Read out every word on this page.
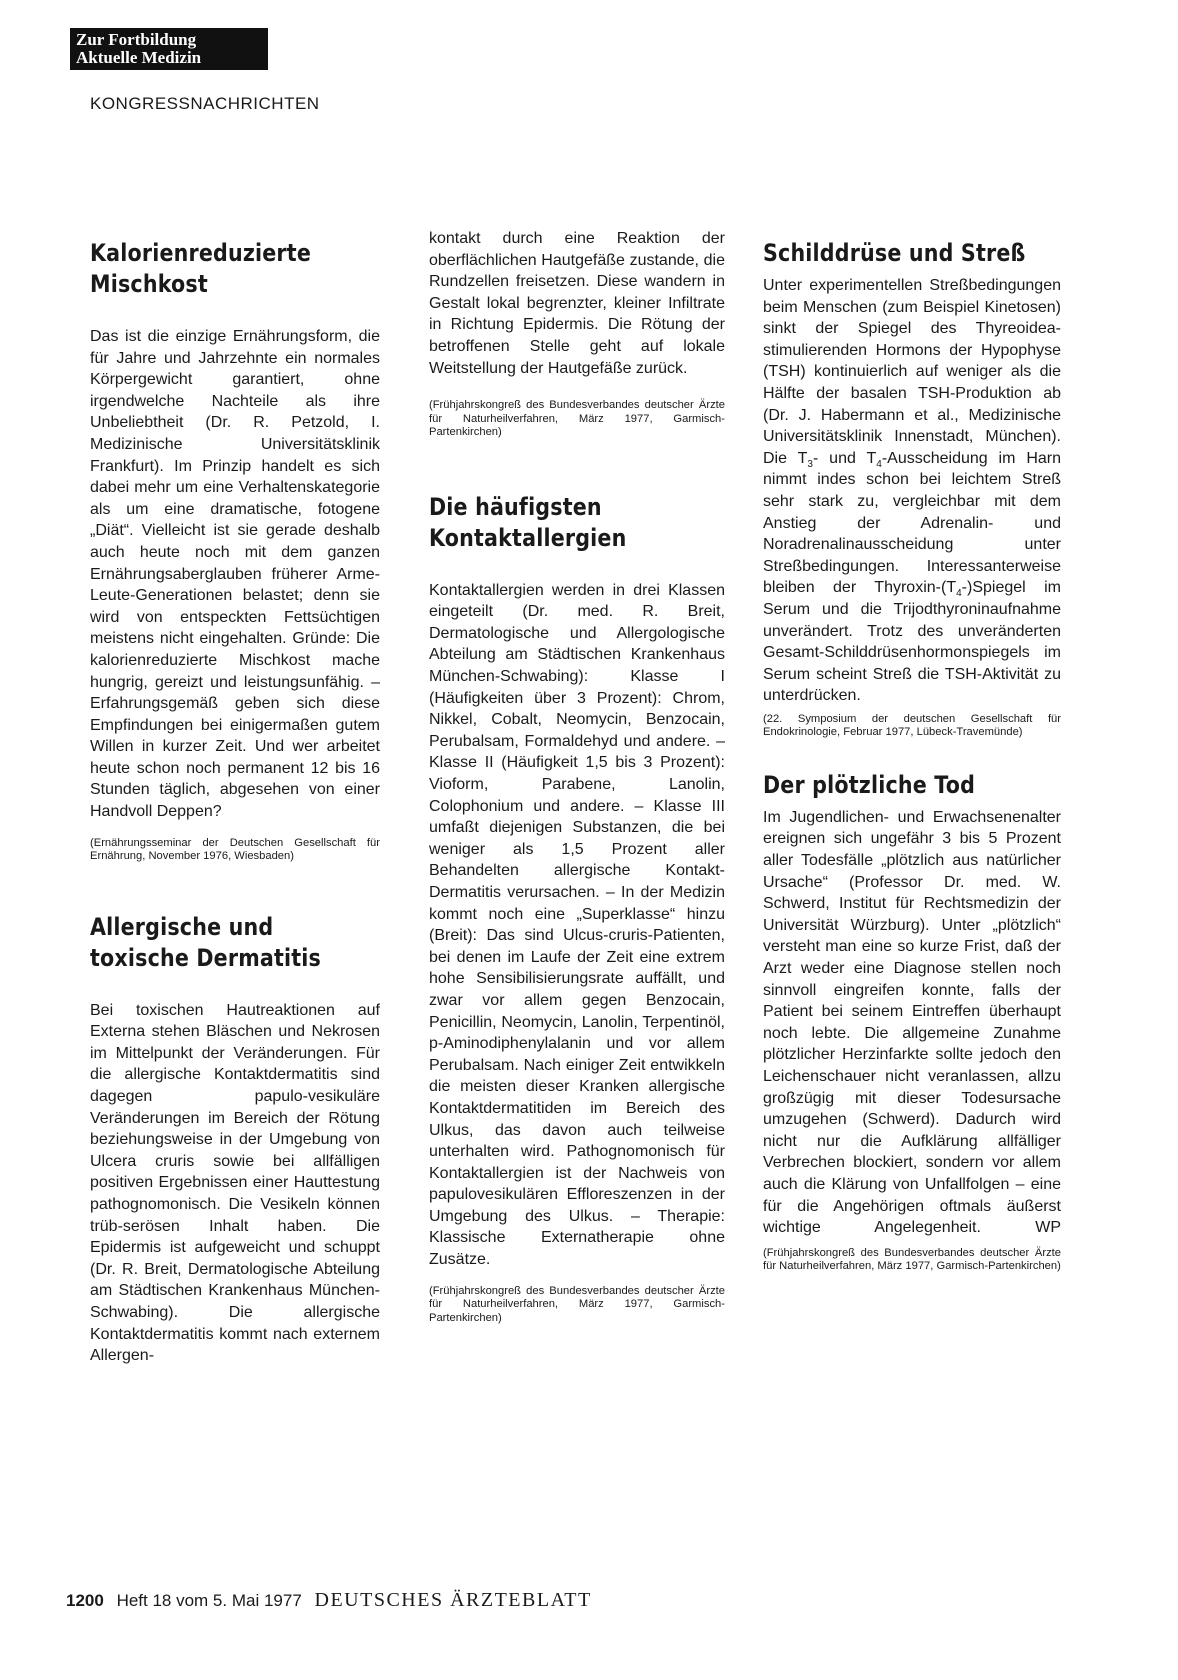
Zur Fortbildung
Aktuelle Medizin
KONGRESSNACHRICHTEN
Kalorienreduzierte
Mischkost

Das ist die einzige Ernährungsform, die für Jahre und Jahrzehnte ein normales Körpergewicht garantiert, ohne irgendwelche Nachteile als ihre Unbeliebtheit (Dr. R. Petzold, I. Medizinische Universitätsklinik Frankfurt). Im Prinzip handelt es sich dabei mehr um eine Verhaltenskategorie als um eine dramatische, fotogene „Diät“. Vielleicht ist sie gerade deshalb auch heute noch mit dem ganzen Ernährungsaberglauben früherer Arme-Leute-Generationen belastet; denn sie wird von entspeckten Fettsüchtigen meistens nicht eingehalten. Gründe: Die kalorienreduzierte Mischkost mache hungrig, gereizt und leistungsunfähig. – Erfahrungsgemäß geben sich diese Empfindungen bei einigermaßen gutem Willen in kurzer Zeit. Und wer arbeitet heute schon noch permanent 12 bis 16 Stunden täglich, abgesehen von einer Handvoll Deppen?

(Ernährungsseminar der Deutschen Gesellschaft für Ernährung, November 1976, Wiesbaden)
Allergische und
toxische Dermatitis

Bei toxischen Hautreaktionen auf Externa stehen Bläschen und Nekrosen im Mittelpunkt der Veränderungen. Für die allergische Kontaktdermatitis sind dagegen papulo-vesikuläre Veränderungen im Bereich der Rötung beziehungsweise in der Umgebung von Ulcera cruris sowie bei allfälligen positiven Ergebnissen einer Hauttestung pathognomonisch. Die Vesikeln können trüb-serösen Inhalt haben. Die Epidermis ist aufgeweicht und schuppt (Dr. R. Breit, Dermatologische Abteilung am Städtischen Krankenhaus München-Schwabing). Die allergische Kontaktdermatitis kommt nach externem Allergen-

kontakt durch eine Reaktion der oberflächlichen Hautgefäße zustande, die Rundzellen freisetzen. Diese wandern in Gestalt lokal begrenzter, kleiner Infiltrate in Richtung Epidermis. Die Rötung der betroffenen Stelle geht auf lokale Weitstellung der Hautgefäße zurück.

(Frühjahrskongreß des Bundesverbandes deutscher Ärzte für Naturheilverfahren, März 1977, Garmisch-Partenkirchen)
Die häufigsten
Kontaktallergien

Kontaktallergien werden in drei Klassen eingeteilt (Dr. med. R. Breit, Dermatologische und Allergologische Abteilung am Städtischen Krankenhaus München-Schwabing): Klasse I (Häufigkeiten über 3 Prozent): Chrom, Nikkel, Cobalt, Neomycin, Benzocain, Perubalsam, Formaldehyd und andere. – Klasse II (Häufigkeit 1,5 bis 3 Prozent): Vioform, Parabene, Lanolin, Colophonium und andere. – Klasse III umfaßt diejenigen Substanzen, die bei weniger als 1,5 Prozent aller Behandelten allergische Kontakt-Dermatitis verursachen. – In der Medizin kommt noch eine „Superklasse“ hinzu (Breit): Das sind Ulcus-cruris-Patienten, bei denen im Laufe der Zeit eine extrem hohe Sensibilisierungsrate auffällt, und zwar vor allem gegen Benzocain, Penicillin, Neomycin, Lanolin, Terpentinöl, p-Aminodiphenylalanin und vor allem Perubalsam. Nach einiger Zeit entwikkeln die meisten dieser Kranken allergische Kontaktdermatitiden im Bereich des Ulkus, das davon auch teilweise unterhalten wird. Pathognomonisch für Kontaktallergien ist der Nachweis von papulovesikulären Effloreszenzen in der Umgebung des Ulkus. – Therapie: Klassische Externatherapie ohne Zusätze.

(Frühjahrskongreß des Bundesverbandes deutscher Ärzte für Naturheilverfahren, März 1977, Garmisch-Partenkirchen)
Schilddrüse und Streß

Unter experimentellen Streßbedingungen beim Menschen (zum Beispiel Kinetosen) sinkt der Spiegel des Thyreoidea-stimulierenden Hormons der Hypophyse (TSH) kontinuierlich auf weniger als die Hälfte der basalen TSH-Produktion ab (Dr. J. Habermann et al., Medizinische Universitätsklinik Innenstadt, München). Die $T_3-$ und $T_4$-Ausscheidung im Harn nimmt indes schon bei leichtem Streß sehr stark zu, vergleichbar mit dem Anstieg der Adrenalin- und Noradrenalinausscheidung unter Streßbedingungen. Interessanterweise bleiben der Thyroxin-$(T_4-)Spiegel$ im Serum und die Trijodthyroninaufnahme unverändert. Trotz des unveränderten Gesamt-Schilddrüsenhormonspiegels im Serum scheint Streß die TSH-Aktivität zu unterdrücken.

(22. Symposium der deutschen Gesellschaft für Endokrinologie, Februar 1977, Lübeck-Travemünde)
Der plötzliche Tod

Im Jugendlichen- und Erwachsenenalter ereignen sich ungefähr 3 bis 5 Prozent aller Todesfälle „plötzlich aus natürlicher Ursache“ (Professor Dr. med. W. Schwerd, Institut für Rechtsmedizin der Universität Würzburg). Unter „plötzlich“ versteht man eine so kurze Frist, daß der Arzt weder eine Diagnose stellen noch sinnvoll eingreifen konnte, falls der Patient bei seinem Eintreffen überhaupt noch lebte. Die allgemeine Zunahme plötzlicher Herzinfarkte sollte jedoch den Leichenschauer nicht veranlassen, allzu großzügig mit dieser Todesursache umzugehen (Schwerd). Dadurch wird nicht nur die Aufklärung allfälliger Verbrechen blockiert, sondern vor allem auch die Klärung von Unfallfolgen – eine für die Angehörigen oftmals äußerst wichtige Angelegenheit.	WP

(Frühjahrskongreß des Bundesverbandes deutscher Ärzte für Naturheilverfahren, März 1977, Garmisch-Partenkirchen)
1200 Heft 18 vom 5. Mai 1977 DEUTSCHES ÄRZTEBLATT
